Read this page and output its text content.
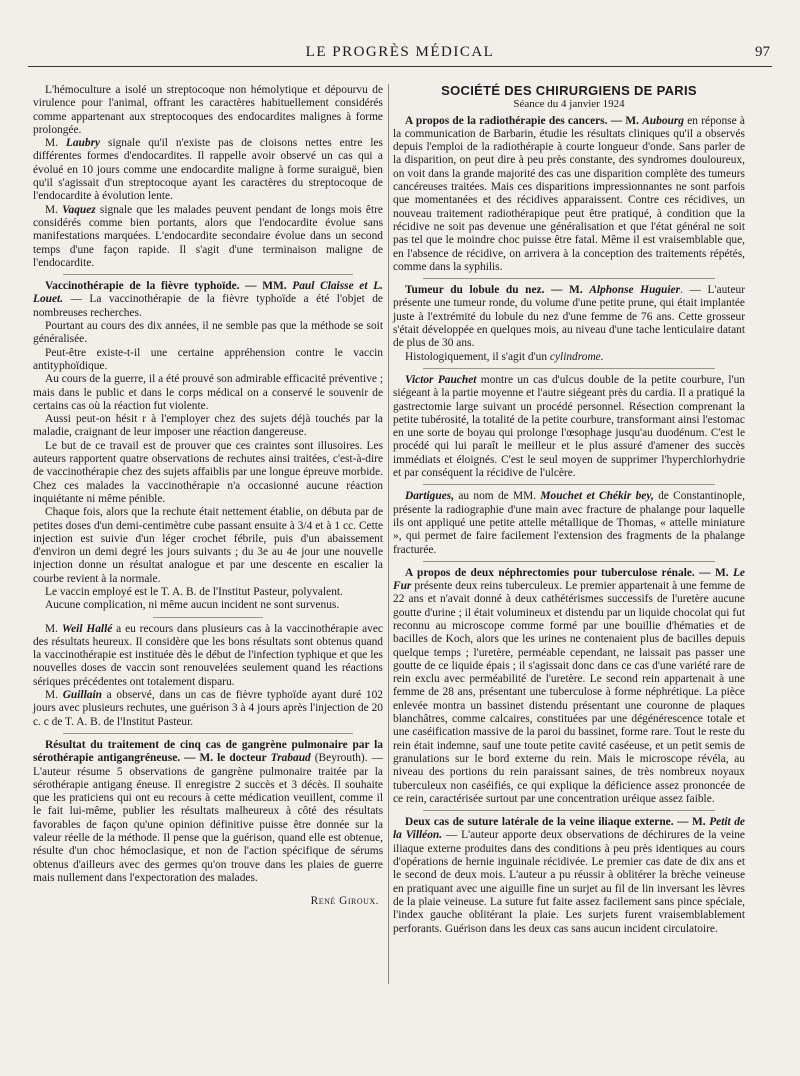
LE PROGRÈS MÉDICAL	97

L'hémoculture a isolé un streptocoque non hémolytique et dépourvu de virulence pour l'animal, offrant les caractères habituellement considérés comme appartenant aux streptocoques des endocardites malignes à forme prolongée.

M. Laubry signale qu'il n'existe pas de cloisons nettes entre les différentes formes d'endocardites. Il rappelle avoir observé un cas qui a évolué en 10 jours comme une endocardite maligne à forme suraiguë, bien qu'il s'agissait d'un streptocoque ayant les caractères du streptocoque de l'endocardite à évolution lente.

M. Vaquez signale que les malades peuvent pendant de longs mois être considérés comme bien portants, alors que l'endocardite évolue sans manifestations marquées. L'endocardite secondaire évolue dans un second temps d'une façon rapide. Il s'agit d'une terminaison maligne de l'endocardite.

Vaccinothérapie de la fièvre typhoïde. — MM. Paul Claisse et L. Louet. — La vaccinothérapie de la fièvre typhoïde a été l'objet de nombreuses recherches.

Pourtant au cours des dix années, il ne semble pas que la méthode se soit généralisée.

Peut-être existe-t-il une certaine appréhension contre le vaccin antityphoïdique.

Au cours de la guerre, il a été prouvé son admirable efficacité préventive ; mais dans le public et dans le corps médical on a conservé le souvenir de certains cas où la réaction fut violente.

Aussi peut-on hésit r à l'employer chez des sujets déjà touchés par la maladie, craignant de leur imposer une réaction dangereuse.

Le but de ce travail est de prouver que ces craintes sont illusoires. Les auteurs rapportent quatre observations de rechutes ainsi traitées, c'est-à-dire de vaccinothérapie chez des sujets affaiblis par une longue épreuve morbide. Chez ces malades la vaccinothérapie n'a occasionné aucune réaction inquiétante ni même pénible.

Chaque fois, alors que la rechute était nettement établie, on débuta par de petites doses d'un demi-centimètre cube passant ensuite à 3/4 et à 1 cc. Cette injection est suivie d'un léger crochet fébrile, puis d'un abaissement d'environ un demi degré les jours suivants ; du 3e au 4e jour une nouvelle injection donne un résultat analogue et par une descente en escalier la courbe revient à la normale.

Le vaccin employé est le T. A. B. de l'Institut Pasteur, polyvalent.

Aucune complication, ni même aucun incident ne sont survenus.

M. Weil Hallé a eu recours dans plusieurs cas à la vaccinothérapie avec des résultats heureux. Il considère que les bons résultats sont obtenus quand la vaccinothérapie est instituée dès le début de l'infection typhique et que les nouvelles doses de vaccin sont renouvelées seulement quand les réactions sériques précédentes ont totalement disparu.

M. Guillain a observé, dans un cas de fièvre typhoïde ayant duré 102 jours avec plusieurs rechutes, une guérison 3 à 4 jours après l'injection de 20 c. c de T. A. B. de l'Institut Pasteur.

Résultat du traitement de cinq cas de gangrène pulmonaire par la sérothérapie antigangréneuse. — M. le docteur Trabaud (Beyrouth). — L'auteur résume 5 observations de gangrène pulmonaire traitée par la sérothérapie antigang éneuse. Il enregistre 2 succès et 3 décès. Il souhaite que les praticiens qui ont eu recours à cette médication veuillent, comme il le fait lui-même, publier les résultats malheureux à côté des résultats favorables de façon qu'une opinion définitive puisse être donnée sur la valeur réelle de la méthode. Il pense que la guérison, quand elle est obtenue, résulte d'un choc hémoclasique, et non de l'action spécifique de sérums obtenus d'ailleurs avec des germes qu'on trouve dans les plaies de guerre mais nullement dans l'expectoration des malades.

René Giroux.

SOCIÉTÉ DES CHIRURGIENS DE PARIS

Séance du 4 janvier 1924

A propos de la radiothérapie des cancers. — M. Aubourg en réponse à la communication de Barbarin, étudie les résultats cliniques qu'il a observés depuis l'emploi de la radiothérapie à courte longueur d'onde. Sans parler de la disparition, on peut dire à peu près constante, des syndromes douloureux, on voit dans la grande majorité des cas une disparition complète des tumeurs cancéreuses traitées. Mais ces disparitions impressionnantes ne sont parfois que momentanées et des récidives apparaissent. Contre ces récidives, un nouveau traitement radiothérapique peut être pratiqué, à condition que la récidive ne soit pas devenue une généralisation et que l'état général ne soit pas tel que le moindre choc puisse être fatal. Même il est vraisemblable que, en l'absence de récidive, on arrivera à la conception des traitements répétés, comme dans la syphilis.

Tumeur du lobule du nez. — M. Alphonse Huguier. — L'auteur présente une tumeur ronde, du volume d'une petite prune, qui était implantée juste à l'extrémité du lobule du nez d'une femme de 76 ans. Cette grosseur s'était développée en quelques mois, au niveau d'une tache lenticulaire datant de plus de 30 ans.

Histologiquement, il s'agit d'un cylindrome.

Victor Pauchet montre un cas d'ulcus double de la petite courbure, l'un siégeant à la partie moyenne et l'autre siégeant près du cardia. Il a pratiqué la gastrectomie large suivant un procédé personnel. Résection comprenant la petite tubérosité, la totalité de la petite courbure, transformant ainsi l'estomac en une sorte de boyau qui prolonge l'œsophage jusqu'au duodénum. C'est le procédé qui lui paraît le meilleur et le plus assuré d'amener des succès immédiats et éloignés. C'est le seul moyen de supprimer l'hyperchlorhydrie et par conséquent la récidive de l'ulcère.

Dartigues, au nom de MM. Mouchet et Chékir bey, de Constantinople, présente la radiographie d'une main avec fracture de phalange pour laquelle ils ont appliqué une petite attelle métallique de Thomas, « attelle miniature », qui permet de faire facilement l'extension des fragments de la phalange fracturée.

A propos de deux néphrectomies pour tuberculose rénale. — M. Le Fur présente deux reins tuberculeux. Le premier appartenait à une femme de 22 ans et n'avait donné à deux cathétérismes successifs de l'uretère aucune goutte d'urine ; il était volumineux et distendu par un liquide chocolat qui fut reconnu au microscope comme formé par une bouillie d'hématies et de bacilles de Koch, alors que les urines ne contenaient plus de bacilles depuis quelque temps ; l'uretère, perméable cependant, ne laissait pas passer une goutte de ce liquide épais ; il s'agissait donc dans ce cas d'une variété rare de rein exclu avec perméabilité de l'uretère. Le second rein appartenait à une femme de 28 ans, présentant une tuberculose à forme néphrétique. La pièce enlevée montra un bassinet distendu présentant une couronne de plaques blanchâtres, comme calcaires, constituées par une dégénérescence totale et une caséification massive de la paroi du bassinet, forme rare. Tout le reste du rein était indemne, sauf une toute petite cavité caséeuse, et un petit semis de granulations sur le bord externe du rein. Mais le microscope révéla, au niveau des portions du rein paraissant saines, de très nombreux noyaux tuberculeux non caséifiés, ce qui explique la déficience assez prononcée de ce rein, caractérisée surtout par une concentration uréique assez faible.

Deux cas de suture latérale de la veine iliaque externe. — M. Petit de la Villéon. — L'auteur apporte deux observations de déchirures de la veine iliaque externe produites dans des conditions à peu près identiques au cours d'opérations de hernie inguinale récidivée. Le premier cas date de dix ans et le second de deux mois. L'auteur a pu réussir à oblitérer la brèche veineuse en pratiquant avec une aiguille fine un surjet au fil de lin inversant les lèvres de la plaie veineuse. La suture fut faite assez facilement sans pince spéciale, l'index gauche oblitérant la plaie. Les surjets furent vraisemblablement perforants. Guérison dans les deux cas sans aucun incident circulatoire.
